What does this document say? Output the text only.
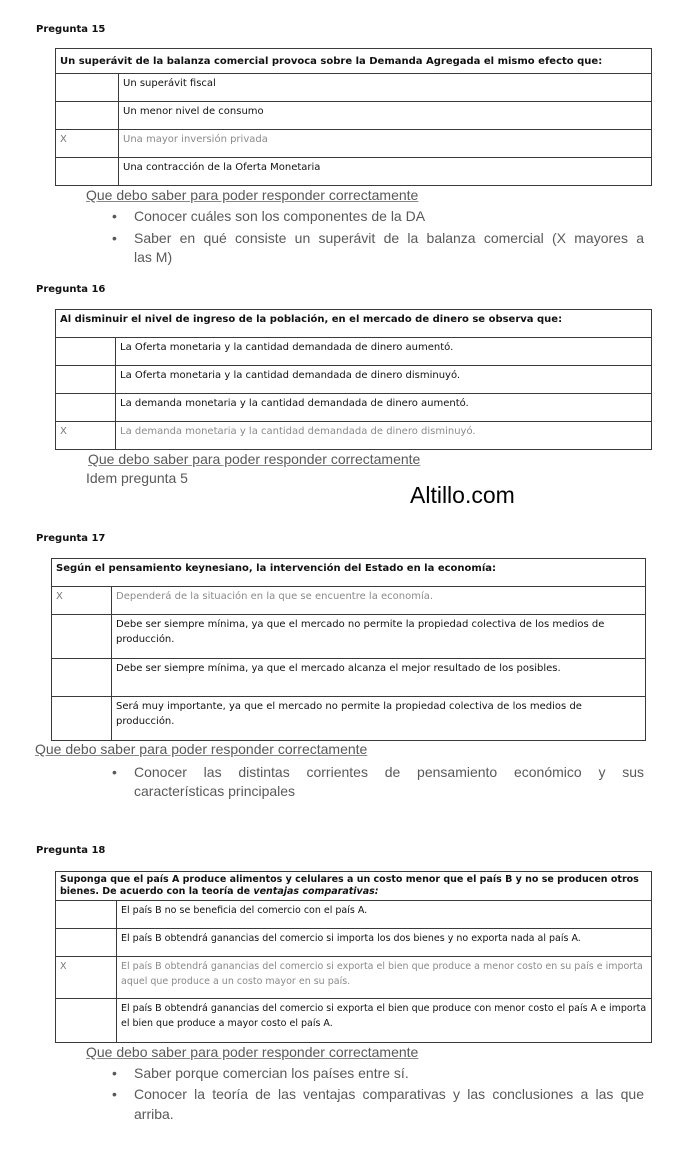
Pregunta 15
Un superávit de la balanza comercial provoca sobre la Demanda Agregada el mismo efecto que:	
	Un superávit fiscal
	Un menor nivel de consumo
X	Una mayor inversión privada
	Una contracción de la Oferta Monetaria
Que debo saber para poder responder correctamente
• Conocer cuáles son los componentes de la DA
• Saber en qué consiste un superávit de la balanza comercial (X mayores a
las M)
Pregunta 16
Al disminuir el nivel de ingreso de la población, en el mercado de dinero se observa que:	
	La Oferta monetaria y la cantidad demandada de dinero aumentó.
	La Oferta monetaria y la cantidad demandada de dinero disminuyó.
	La demanda monetaria y la cantidad demandada de dinero aumentó.
X	La demanda monetaria y la cantidad demandada de dinero disminuyó.
Que debo saber para poder responder correctamente
Idem pregunta 5
Altillo.com
Pregunta 17
Según el pensamiento keynesiano, la intervención del Estado en la economía:	
X	Dependerá de la situación en la que se encuentre la economía.
	Debe ser siempre mínima, ya que el mercado no permite la propiedad colectiva de los medios de producción.
	Debe ser siempre mínima, ya que el mercado alcanza el mejor resultado de los posibles.
	Será muy importante, ya que el mercado no permite la propiedad colectiva de los medios de producción.
Que debo saber para poder responder correctamente
• Conocer las distintas corrientes de pensamiento económico y sus
características principales
Pregunta 18
Suponga que el país A produce alimentos y celulares a un costo menor que el país B y no se producen otros bienes. De acuerdo con la teoría de ventajas comparativas:	
	El país B no se beneficia del comercio con el país A.
	El país B obtendrá ganancias del comercio si importa los dos bienes y no exporta nada al país A.
X	El país B obtendrá ganancias del comercio si exporta el bien que produce a menor costo en su país e importa aquel que produce a un costo mayor en su país.
	El país B obtendrá ganancias del comercio si exporta el bien que produce con menor costo el país A e importa el bien que produce a mayor costo el país A.
Que debo saber para poder responder correctamente
• Saber porque comercian los países entre sí.
• Conocer la teoría de las ventajas comparativas y las conclusiones a las que
arriba.
